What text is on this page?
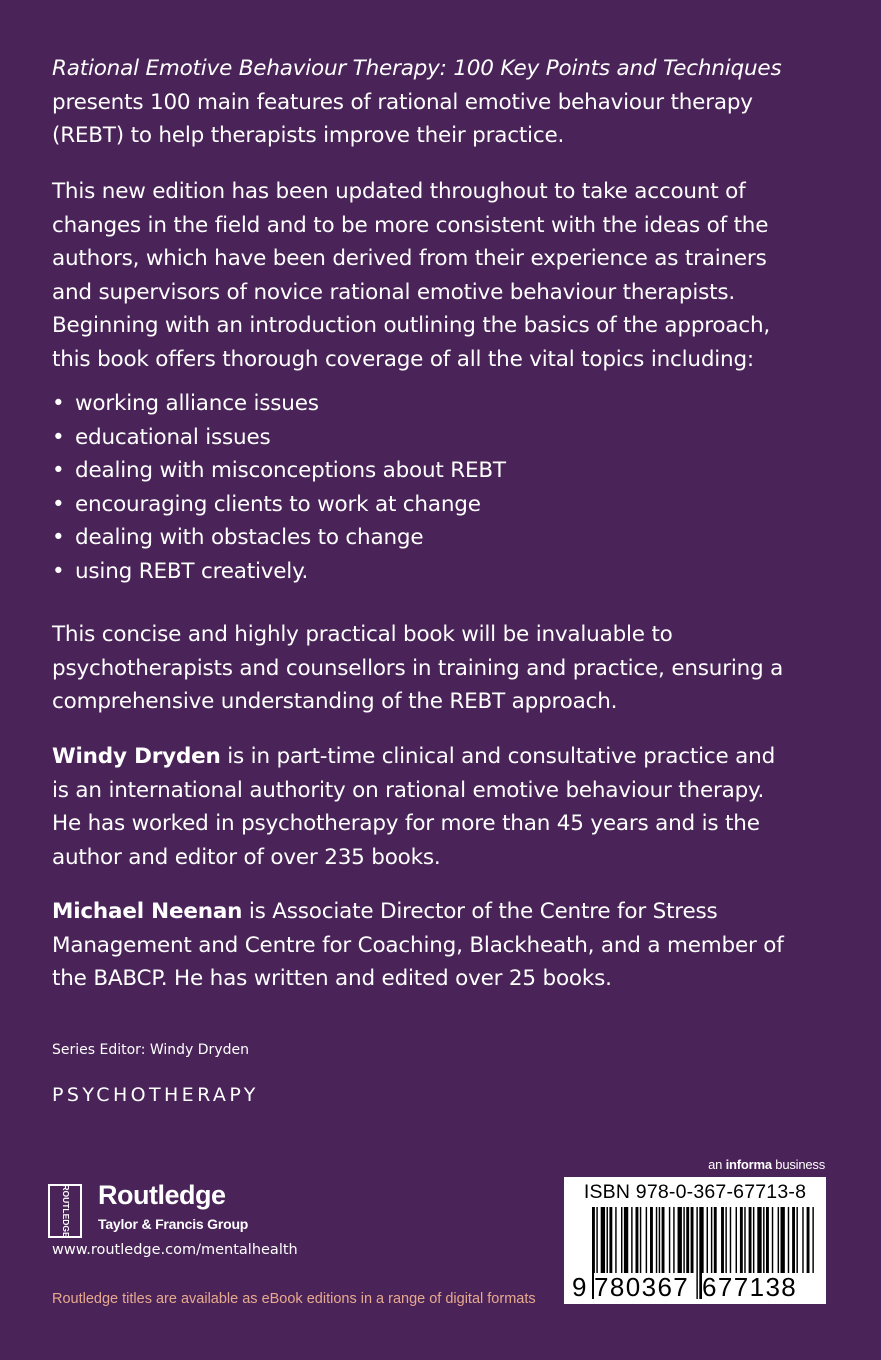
Rational Emotive Behaviour Therapy: 100 Key Points and Techniques

presents 100 main features of rational emotive behaviour therapy

(REBT) to help therapists improve their practice.

This new edition has been updated throughout to take account of

changes in the field and to be more consistent with the ideas of the

authors, which have been derived from their experience as trainers

and supervisors of novice rational emotive behaviour therapists.

Beginning with an introduction outlining the basics of the approach,

this book offers thorough coverage of all the vital topics including:

• working alliance issues
• educational issues
• dealing with misconceptions about REBT
• encouraging clients to work at change
• dealing with obstacles to change
• using REBT creatively.

This concise and highly practical book will be invaluable to

psychotherapists and counsellors in training and practice, ensuring a

comprehensive understanding of the REBT approach.

Windy Dryden is in part-time clinical and consultative practice and

is an international authority on rational emotive behaviour therapy.

He has worked in psychotherapy for more than 45 years and is the

author and editor of over 235 books.

Michael Neenan is Associate Director of the Centre for Stress

Management and Centre for Coaching, Blackheath, and a member of

the BABCP. He has written and edited over 25 books.

Series Editor: Windy Dryden
PSYCHOTHERAPY
ROUTLEDGE Routledge
Taylor & Francis Group
www.routledge.com/mentalhealth
Routledge titles are available as eBook editions in a range of digital formats
an informa business
ISBN 978-0-367-67713-8
9 780367 677138
